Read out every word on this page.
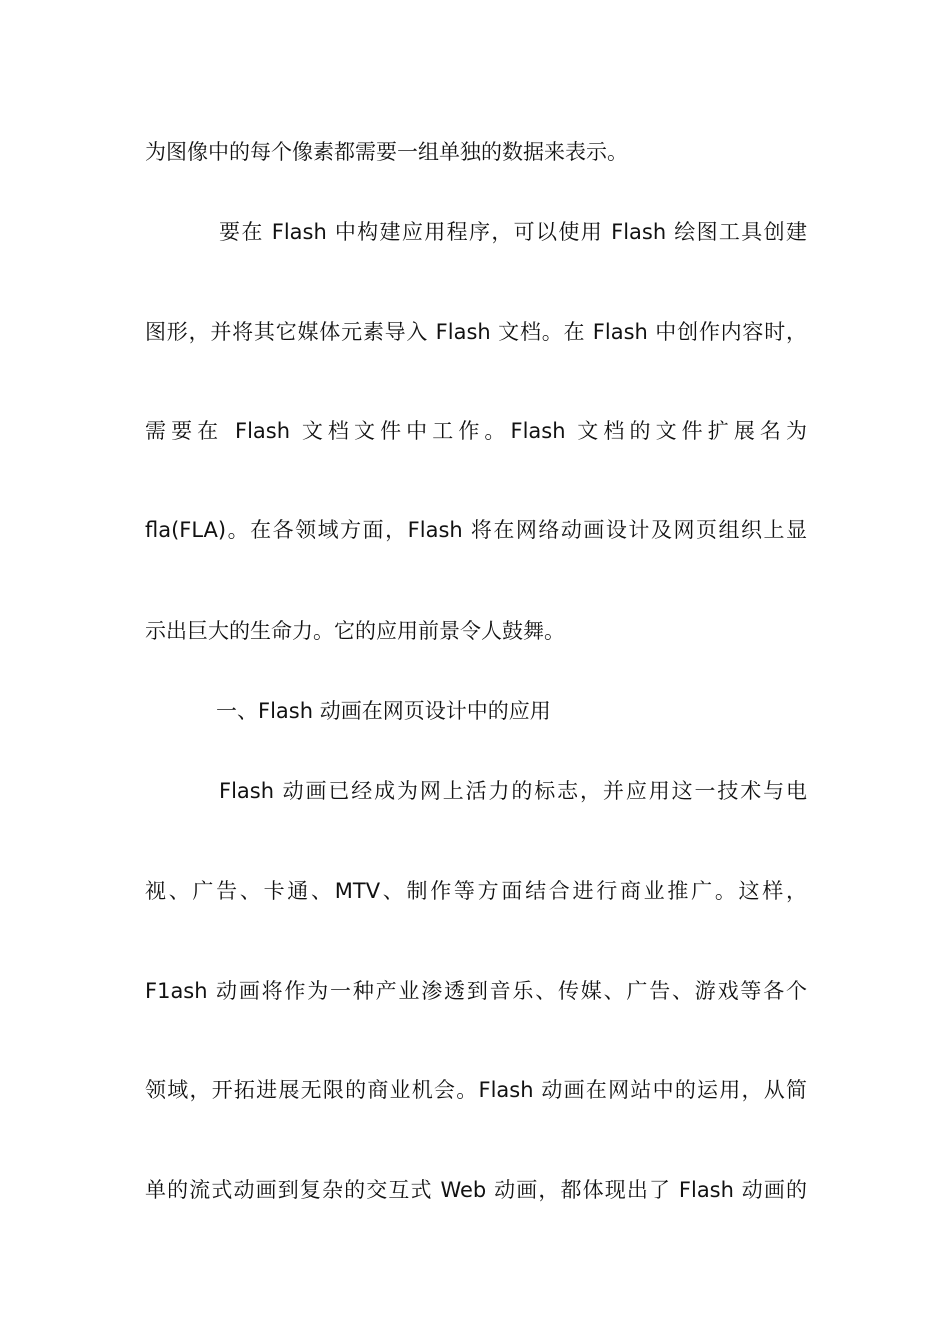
为图像中的每个像素都需要一组单独的数据来表示。
要在 Flash 中构建应用程序，可以使用 Flash 绘图工具创建
图形，并将其它媒体元素导入 Flash 文档。在 Flash 中创作内容时，
需要在 Flash 文档文件中工作。Flash 文档的文件扩展名为
fla(FLA)。在各领域方面，Flash 将在网络动画设计及网页组织上显
示出巨大的生命力。它的应用前景令人鼓舞。
一、Flash 动画在网页设计中的应用
Flash 动画已经成为网上活力的标志，并应用这一技术与电
视、广告、卡通、MTV、制作等方面结合进行商业推广。这样，
F1ash 动画将作为一种产业渗透到音乐、传媒、广告、游戏等各个
领域，开拓进展无限的商业机会。Flash 动画在网站中的运用，从简
单的流式动画到复杂的交互式 Web 动画，都体现出了 Flash 动画的
